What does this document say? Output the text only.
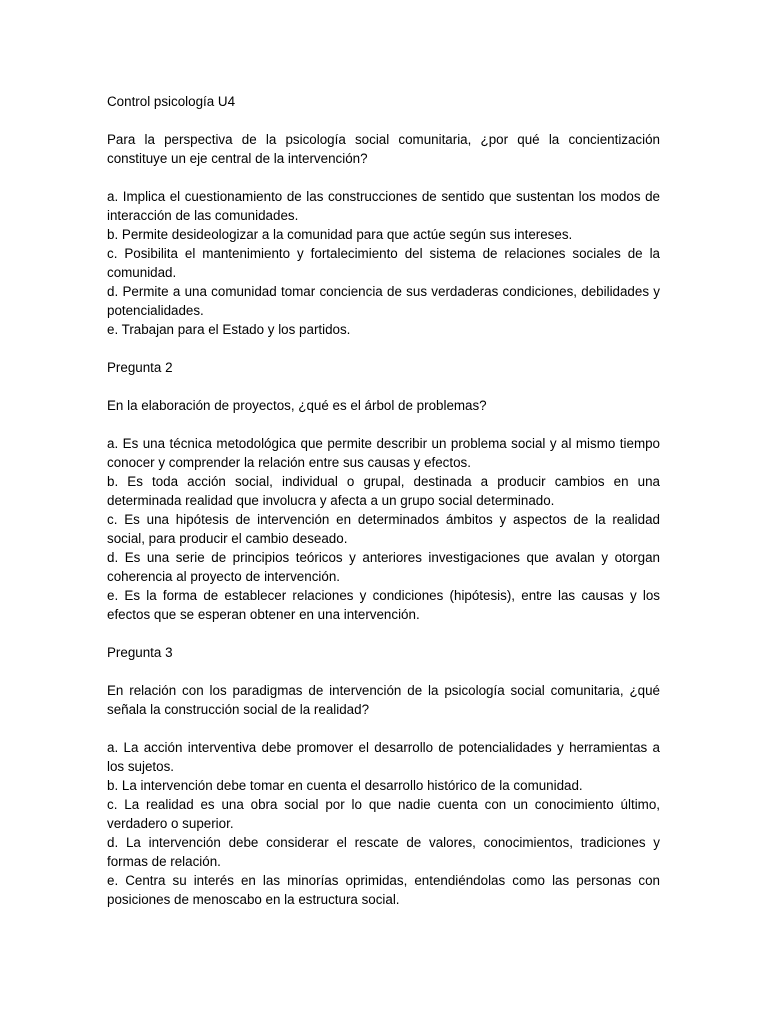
Control psicología U4

Para la perspectiva de la psicología social comunitaria, ¿por qué la concientización constituye un eje central de la intervención?

a. Implica el cuestionamiento de las construcciones de sentido que sustentan los modos de interacción de las comunidades.

b. Permite desideologizar a la comunidad para que actúe según sus intereses.

c. Posibilita el mantenimiento y fortalecimiento del sistema de relaciones sociales de la comunidad.

d. Permite a una comunidad tomar conciencia de sus verdaderas condiciones, debilidades y potencialidades.

e. Trabajan para el Estado y los partidos.

Pregunta 2

En la elaboración de proyectos, ¿qué es el árbol de problemas?

a. Es una técnica metodológica que permite describir un problema social y al mismo tiempo conocer y comprender la relación entre sus causas y efectos.

b. Es toda acción social, individual o grupal, destinada a producir cambios en una determinada realidad que involucra y afecta a un grupo social determinado.

c. Es una hipótesis de intervención en determinados ámbitos y aspectos de la realidad social, para producir el cambio deseado.

d. Es una serie de principios teóricos y anteriores investigaciones que avalan y otorgan coherencia al proyecto de intervención.

e. Es la forma de establecer relaciones y condiciones (hipótesis), entre las causas y los efectos que se esperan obtener en una intervención.

Pregunta 3

En relación con los paradigmas de intervención de la psicología social comunitaria, ¿qué señala la construcción social de la realidad?

a. La acción interventiva debe promover el desarrollo de potencialidades y herramientas a los sujetos.

b. La intervención debe tomar en cuenta el desarrollo histórico de la comunidad.

c. La realidad es una obra social por lo que nadie cuenta con un conocimiento último, verdadero o superior.

d. La intervención debe considerar el rescate de valores, conocimientos, tradiciones y formas de relación.

e. Centra su interés en las minorías oprimidas, entendiéndolas como las personas con posiciones de menoscabo en la estructura social.
